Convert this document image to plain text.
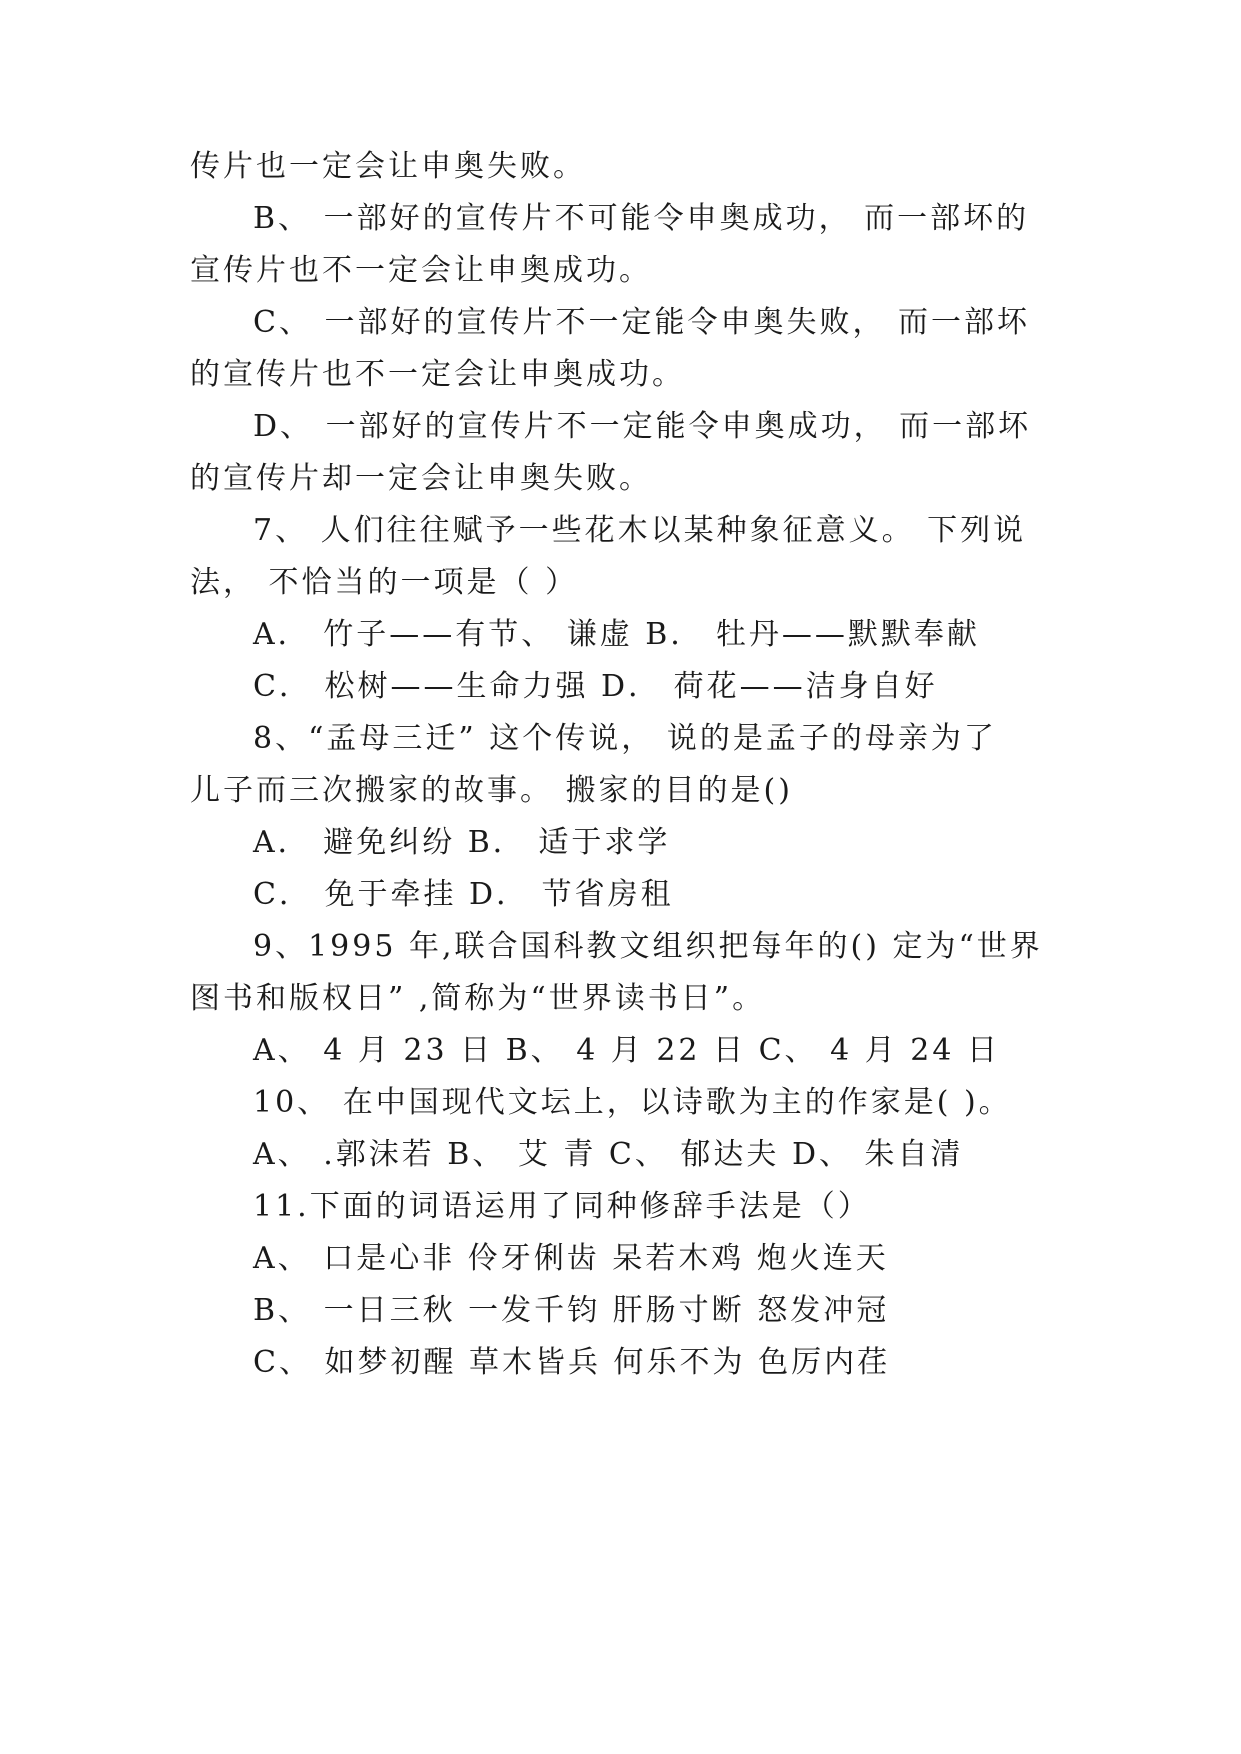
传片也一定会让申奥失败。
B、 一部好的宣传片不可能令申奥成功， 而一部坏的
宣传片也不一定会让申奥成功。
C、 一部好的宣传片不一定能令申奥失败， 而一部坏
的宣传片也不一定会让申奥成功。
D、 一部好的宣传片不一定能令申奥成功， 而一部坏
的宣传片却一定会让申奥失败。
7、 人们往往赋予一些花木以某种象征意义。 下列说
法， 不恰当的一项是（ ）
A． 竹子——有节、 谦虚 B． 牡丹——默默奉献
C． 松树——生命力强 D． 荷花——洁身自好
8、“孟母三迁” 这个传说， 说的是孟子的母亲为了
儿子而三次搬家的故事。 搬家的目的是()
A． 避免纠纷 B． 适于求学
C． 免于牵挂 D． 节省房租
9、1995 年,联合国科教文组织把每年的() 定为“世界
图书和版权日” ,简称为“世界读书日”。
A、 4 月 23 日 B、 4 月 22 日 C、 4 月 24 日
10、 在中国现代文坛上，以诗歌为主的作家是( )。
A、 .郭沫若 B、 艾 青 C、 郁达夫 D、 朱自清
11.下面的词语运用了同种修辞手法是（）
A、 口是心非 伶牙俐齿 呆若木鸡 炮火连天
B、 一日三秋 一发千钧 肝肠寸断 怒发冲冠
C、 如梦初醒 草木皆兵 何乐不为 色厉内荏
